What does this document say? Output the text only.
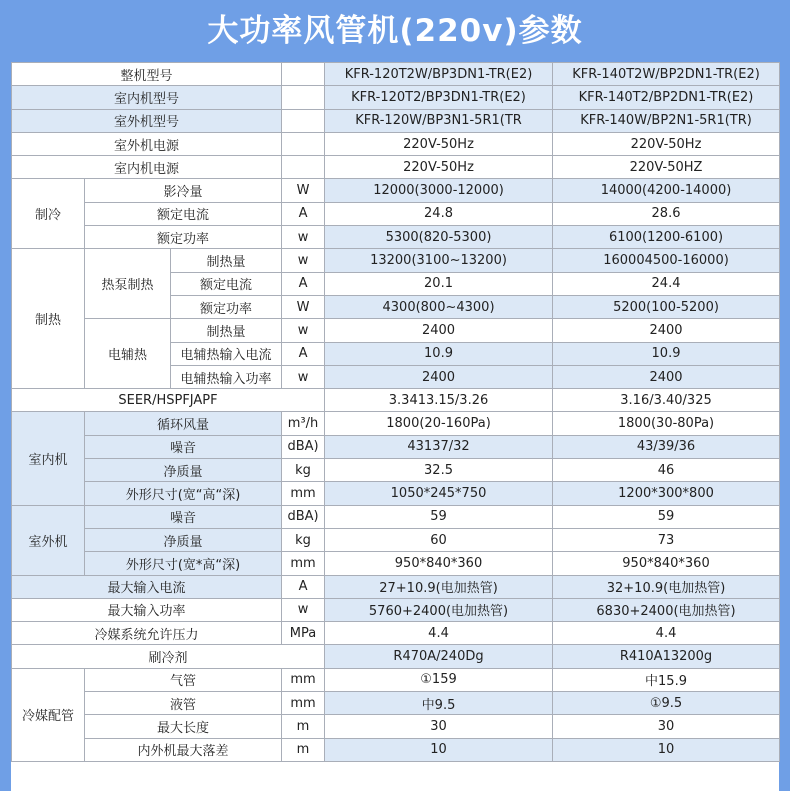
大功率风管机(220v)参数
整机型号				KFR-120T2W/BP3DN1-TR(E2)	KFR-140T2W/BP2DN1-TR(E2)
室内机型号				KFR-120T2/BP3DN1-TR(E2)	KFR-140T2/BP2DN1-TR(E2)
室外机型号				KFR-120W/BP3N1-5R1(TR	KFR-140W/BP2N1-5R1(TR)
室外机电源				220V-50Hz	220V-50Hz
室内机电源				220V-50Hz	220V-50HZ
制冷	影冷量		W	12000(3000-12000)	14000(4200-14000)
	额定电流		A	24.8	28.6
	额定功率		w	5300(820-5300)	6100(1200-6100)
制热	热泵制热	制热量	w	13200(3100~13200)	160004500-16000)
		额定电流	A	20.1	24.4
		额定功率	W	4300(800~4300)	5200(100-5200)
	电辅热	制热量	w	2400	2400
		电辅热输入电流	A	10.9	10.9
		电辅热输入功率	w	2400	2400
SEER/HSPFJAPF				3.3413.15/3.26	3.16/3.40/325
室内机	循环风量		m³/h	1800(20-160Pa)	1800(30-80Pa)
	噪音		dBA)	43137/32	43/39/36
	净质量		kg	32.5	46
	外形尺寸(宽“高“深)		mm	1050*245*750	1200*300*800
室外机	噪音		dBA)	59	59
	净质量		kg	60	73
	外形尺寸(宽*高“深)		mm	950*840*360	950*840*360
最大输入电流			A	27+10.9(电加热管)	32+10.9(电加热管)
最大输入功率			w	5760+2400(电加热管)	6830+2400(电加热管)
冷媒系统允许压力			MPa	4.4	4.4
刷冷剂				R470A/240Dg	R410A13200g
冷媒配管	气管		mm	①159	中15.9
	液管		mm	中9.5	①9.5
	最大长度		m	30	30
	内外机最大落差		m	10	10
